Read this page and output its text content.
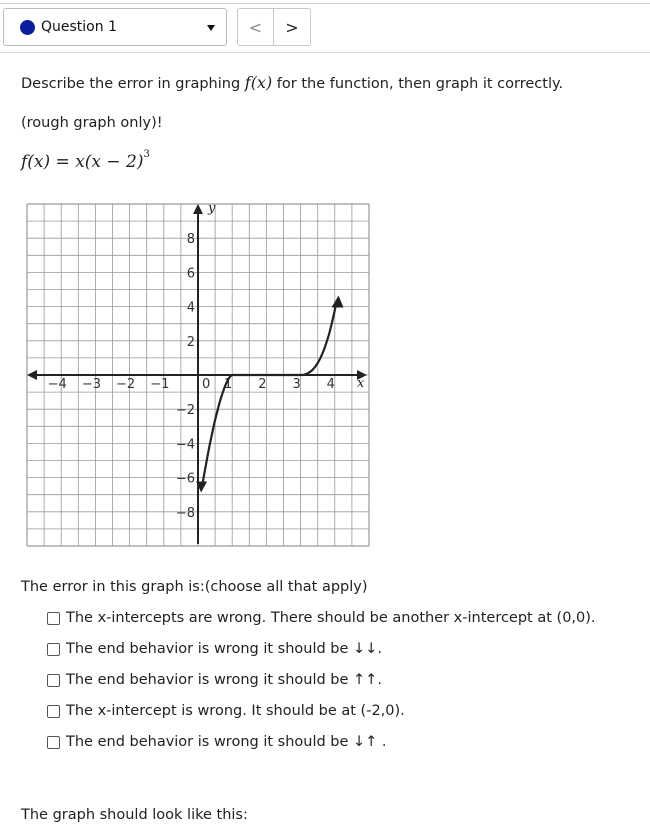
Question 1	< >
Describe the error in graphing f(x) for the function, then graph it correctly.
(rough graph only)!
$f(x) = x(x - 2)^3$
x
y
−4 −3 −2 −1	0 1 2 3 4
8
6
4
2
−2
−4
−6
−8
The error in this graph is:(choose all that apply)
The x-intercepts are wrong. There should be another x-intercept at (0,0).
The end behavior is wrong it should be ↓↓.
The end behavior is wrong it should be ↑↑.
The x-intercept is wrong. It should be at (-2,0).
The end behavior is wrong it should be ↓↑ .
The graph should look like this:
